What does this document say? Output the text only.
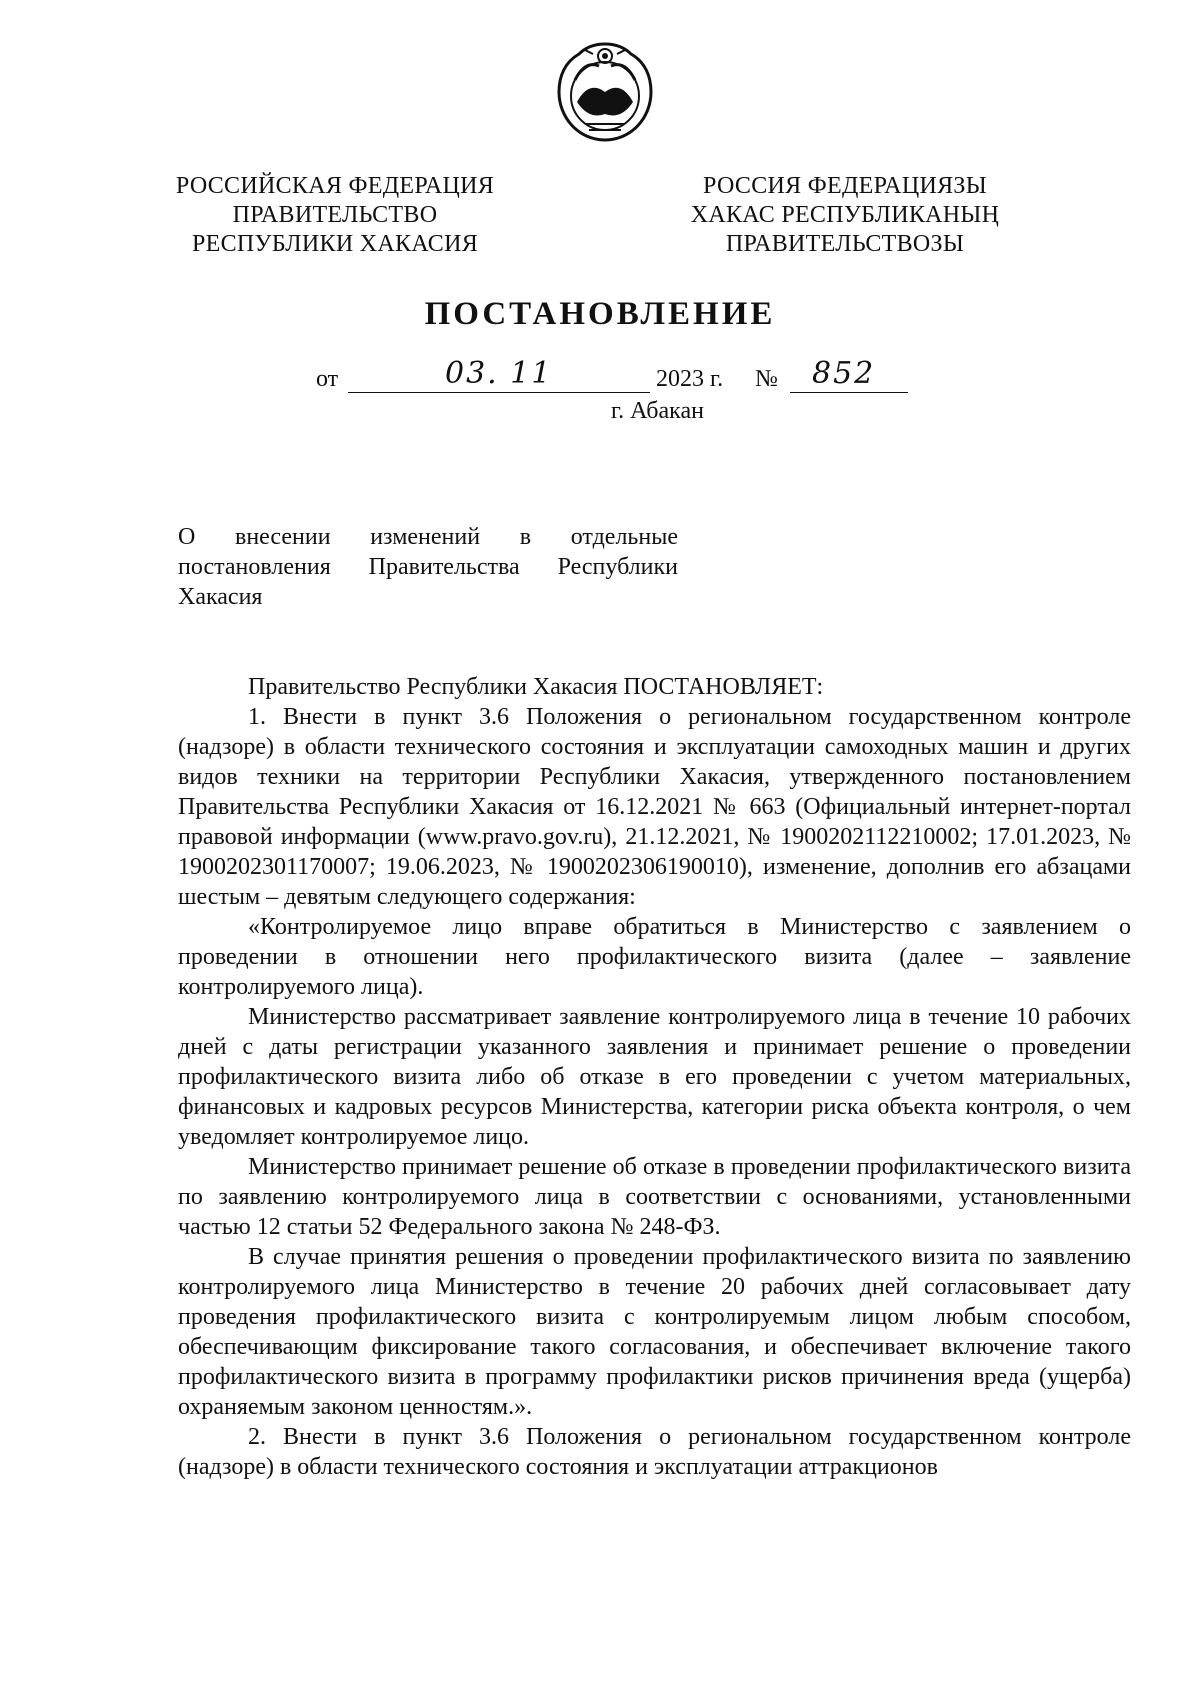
РОССИЙСКАЯ ФЕДЕРАЦИЯ
ПРАВИТЕЛЬСТВО
РЕСПУБЛИКИ ХАКАСИЯ
РОССИЯ ФЕДЕРАЦИЯЗЫ
ХАКАС РЕСПУБЛИКАНЫҢ
ПРАВИТЕЛЬСТВОЗЫ
ПОСТАНОВЛЕНИЕ
от	03. 11	2023 г. № 852
г. Абакан
О внесении изменений в отдельные постановления Правительства Республики Хакасия

Правительство Республики Хакасия ПОСТАНОВЛЯЕТ:

1. Внести в пункт 3.6 Положения о региональном государственном контроле (надзоре) в области технического состояния и эксплуатации самоходных машин и других видов техники на территории Республики Хакасия, утвержденного постановлением Правительства Республики Хакасия от 16.12.2021 № 663 (Официальный интернет-портал правовой информации (www.pravo.gov.ru), 21.12.2021, № 1900202112210002; 17.01.2023, № 1900202301170007; 19.06.2023, № 1900202306190010), изменение, дополнив его абзацами шестым – девятым следующего содержания:

«Контролируемое лицо вправе обратиться в Министерство с заявлением о проведении в отношении него профилактического визита (далее – заявление контролируемого лица).

Министерство рассматривает заявление контролируемого лица в течение 10 рабочих дней с даты регистрации указанного заявления и принимает решение о проведении профилактического визита либо об отказе в его проведении с учетом материальных, финансовых и кадровых ресурсов Министерства, категории риска объекта контроля, о чем уведомляет контролируемое лицо.

Министерство принимает решение об отказе в проведении профилактического визита по заявлению контролируемого лица в соответствии с основаниями, установленными частью 12 статьи 52 Федерального закона № 248-ФЗ.

В случае принятия решения о проведении профилактического визита по заявлению контролируемого лица Министерство в течение 20 рабочих дней согласовывает дату проведения профилактического визита с контролируемым лицом любым способом, обеспечивающим фиксирование такого согласования, и обеспечивает включение такого профилактического визита в программу профилактики рисков причинения вреда (ущерба) охраняемым законом ценностям.».

2. Внести в пункт 3.6 Положения о региональном государственном контроле (надзоре) в области технического состояния и эксплуатации аттракционов
